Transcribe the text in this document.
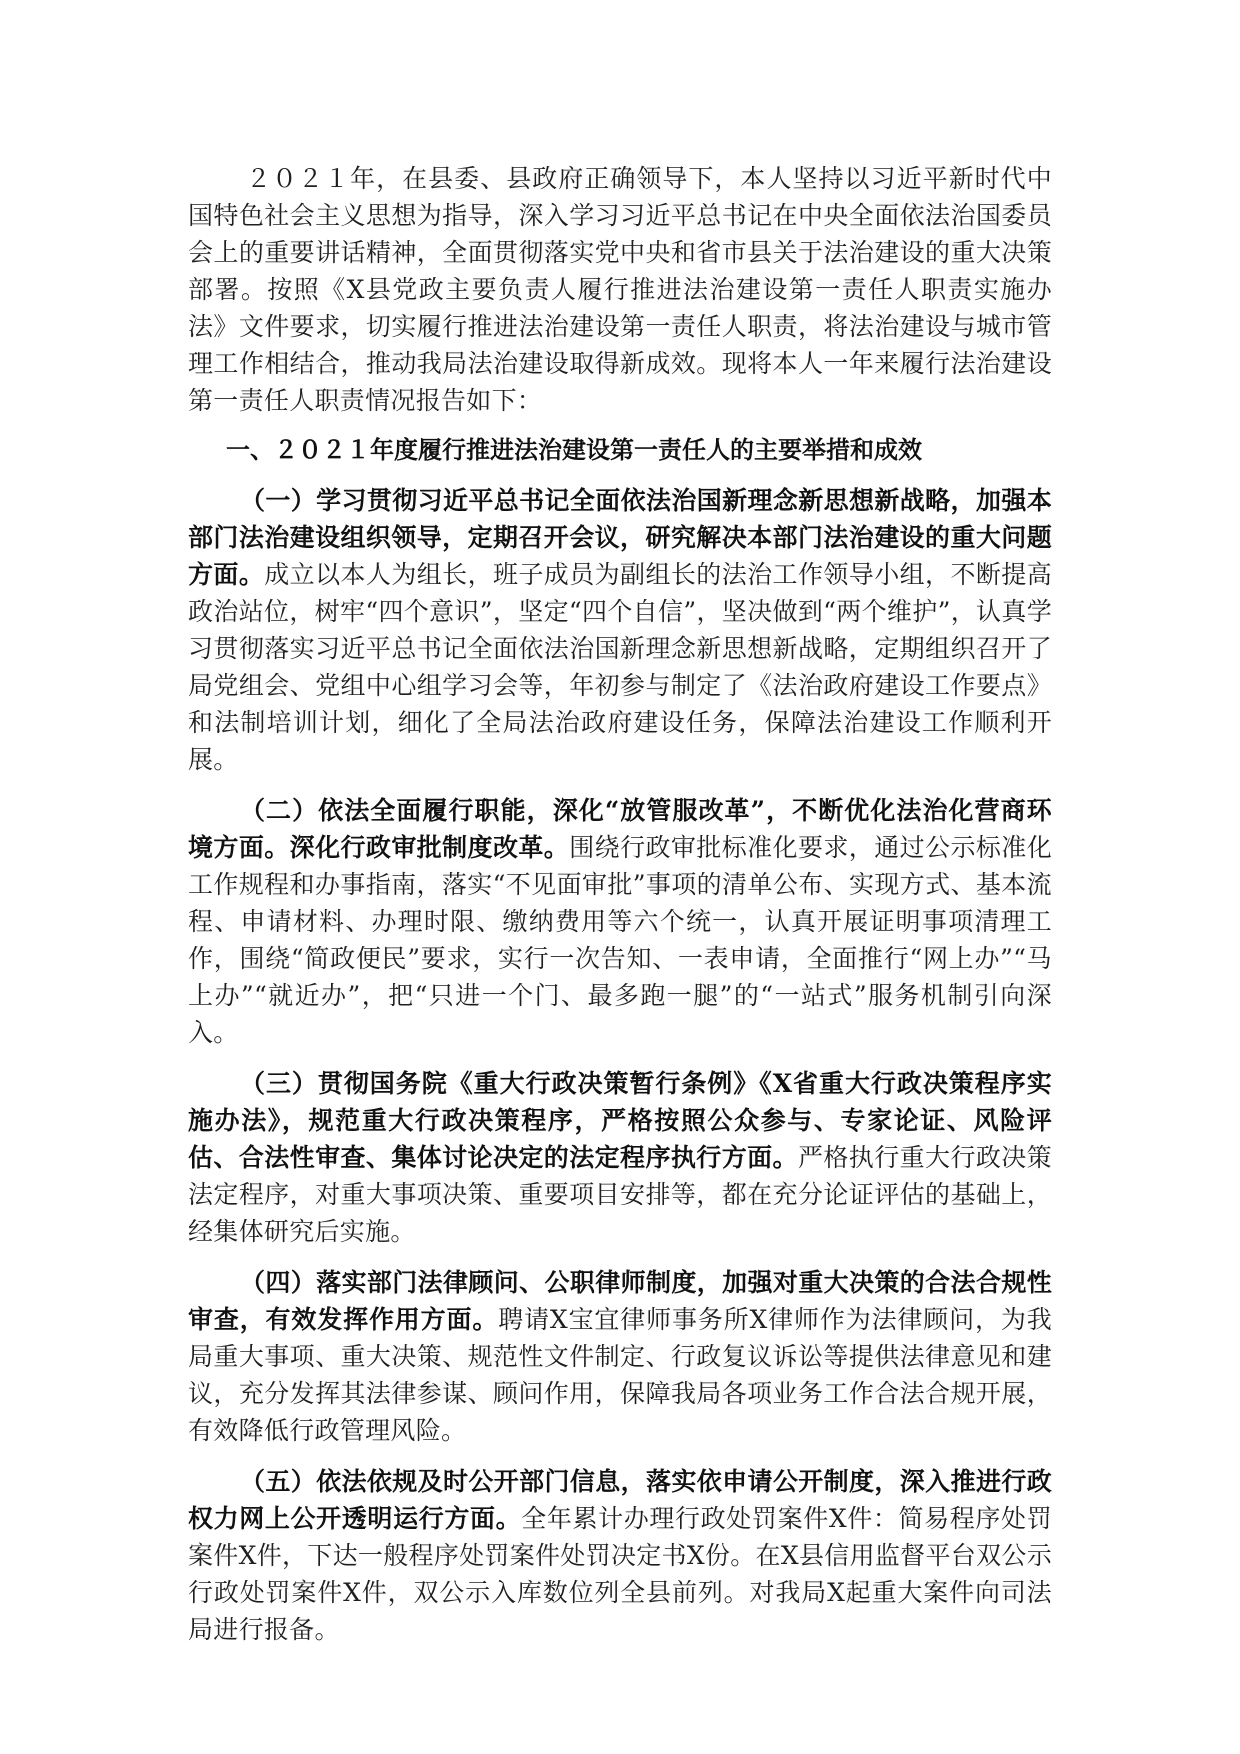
２０２１年，在县委、县政府正确领导下，本人坚持以习近平新时代中国特色社会主义思想为指导，深入学习习近平总书记在中央全面依法治国委员会上的重要讲话精神，全面贯彻落实党中央和省市县关于法治建设的重大决策部署。按照《X县党政主要负责人履行推进法治建设第一责任人职责实施办法》文件要求，切实履行推进法治建设第一责任人职责，将法治建设与城市管理工作相结合，推动我局法治建设取得新成效。现将本人一年来履行法治建设第一责任人职责情况报告如下：

一、２０２１年度履行推进法治建设第一责任人的主要举措和成效

（一）学习贯彻习近平总书记全面依法治国新理念新思想新战略，加强本部门法治建设组织领导，定期召开会议，研究解决本部门法治建设的重大问题方面。成立以本人为组长，班子成员为副组长的法治工作领导小组，不断提高政治站位，树牢“四个意识”，坚定“四个自信”，坚决做到“两个维护”，认真学习贯彻落实习近平总书记全面依法治国新理念新思想新战略，定期组织召开了局党组会、党组中心组学习会等，年初参与制定了《法治政府建设工作要点》和法制培训计划，细化了全局法治政府建设任务，保障法治建设工作顺利开展。

（二）依法全面履行职能，深化“放管服改革”，不断优化法治化营商环境方面。深化行政审批制度改革。围绕行政审批标准化要求，通过公示标准化工作规程和办事指南，落实“不见面审批”事项的清单公布、实现方式、基本流程、申请材料、办理时限、缴纳费用等六个统一，认真开展证明事项清理工作，围绕“简政便民”要求，实行一次告知、一表申请，全面推行“网上办”“马上办”“就近办”，把“只进一个门、最多跑一腿”的“一站式”服务机制引向深入。

（三）贯彻国务院《重大行政决策暂行条例》《X省重大行政决策程序实施办法》，规范重大行政决策程序，严格按照公众参与、专家论证、风险评估、合法性审查、集体讨论决定的法定程序执行方面。严格执行重大行政决策法定程序，对重大事项决策、重要项目安排等，都在充分论证评估的基础上，经集体研究后实施。

（四）落实部门法律顾问、公职律师制度，加强对重大决策的合法合规性审查，有效发挥作用方面。聘请X宝宜律师事务所X律师作为法律顾问，为我局重大事项、重大决策、规范性文件制定、行政复议诉讼等提供法律意见和建议，充分发挥其法律参谋、顾问作用，保障我局各项业务工作合法合规开展，有效降低行政管理风险。

（五）依法依规及时公开部门信息，落实依申请公开制度，深入推进行政权力网上公开透明运行方面。全年累计办理行政处罚案件X件：简易程序处罚案件X件，下达一般程序处罚案件处罚决定书X份。在X县信用监督平台双公示行政处罚案件X件，双公示入库数位列全县前列。对我局X起重大案件向司法局进行报备。
